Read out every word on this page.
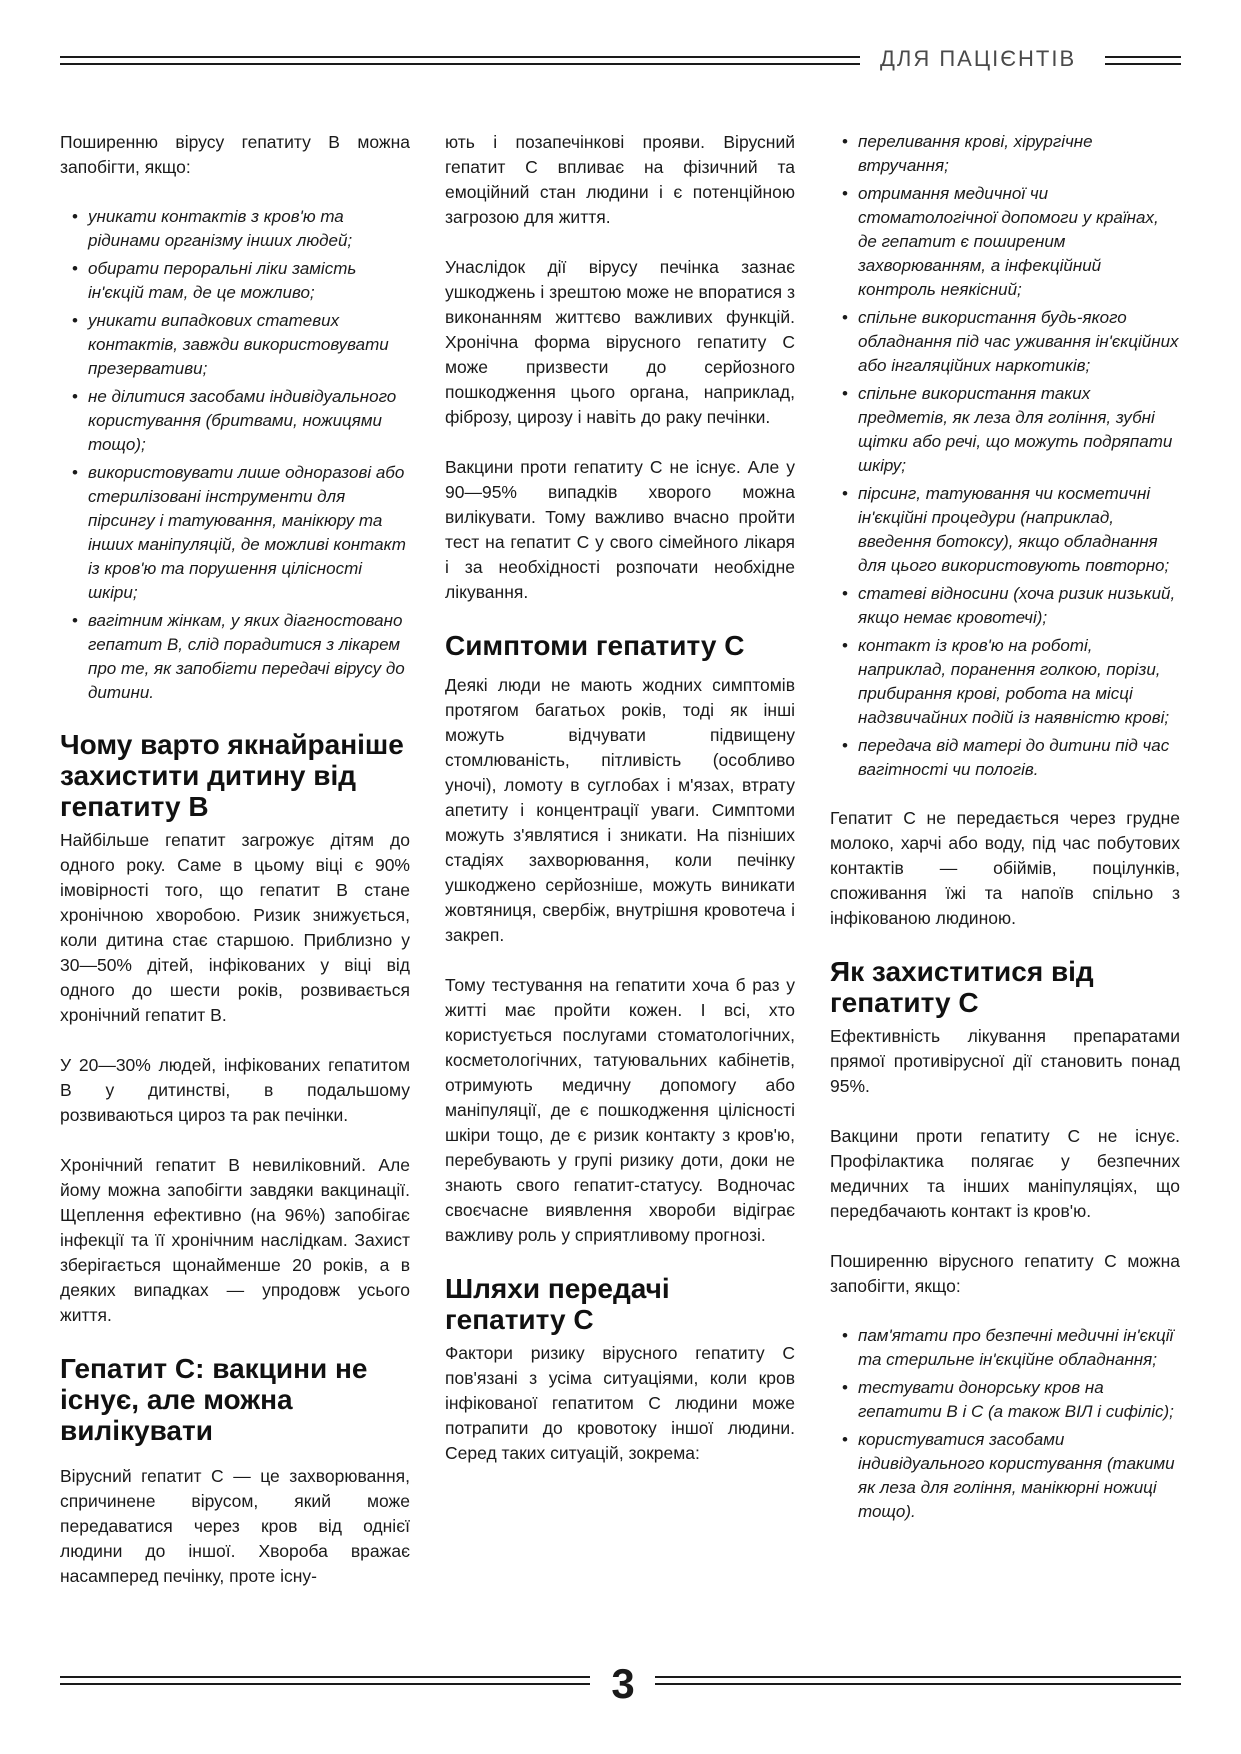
ДЛЯ ПАЦІЄНТІВ

Поширенню вірусу гепатиту В можна запобігти, якщо:

• уникати контактів з кров'ю та рідинами організму інших людей;
• обирати пероральні ліки замість ін'єкцій там, де це можливо;
• уникати випадкових статевих контактів, завжди використовувати презервативи;
• не ділитися засобами індивідуального користування (бритвами, ножицями тощо);
• використовувати лише одноразові або стерилізовані інструменти для пірсингу і татуювання, манікюру та інших маніпуляцій, де можливі контакт із кров'ю та порушення цілісності шкіри;
• вагітним жінкам, у яких діагностовано гепатит В, слід порадитися з лікарем про те, як запобігти передачі вірусу до дитини.
Чому варто якнайраніше захистити дитину від гепатиту В

Найбільше гепатит загрожує дітям до одного року. Саме в цьому віці є 90% імовірності того, що гепатит В стане хронічною хворобою. Ризик знижується, коли дитина стає старшою. Приблизно у 30—50% дітей, інфікованих у віці від одного до шести років, розвивається хронічний гепатит В.

У 20—30% людей, інфікованих гепатитом В у дитинстві, в подальшому розвиваються цироз та рак печінки.

Хронічний гепатит В невиліковний. Але йому можна запобігти завдяки вакцинації. Щеплення ефективно (на 96%) запобігає інфекції та її хронічним наслідкам. Захист зберігається щонайменше 20 років, а в деяких випадках — упродовж усього життя.

Гепатит С: вакцини не існує, але можна вилікувати

Вірусний гепатит С — це захворювання, спричинене вірусом, який може передаватися через кров від однієї людини до іншої. Хвороба вражає насамперед печінку, проте існу-

ють і позапечінкові прояви. Вірусний гепатит С впливає на фізичний та емоційний стан людини і є потенційною загрозою для життя.

Унаслідок дії вірусу печінка зазнає ушкоджень і зрештою може не впоратися з виконанням життєво важливих функцій. Хронічна форма вірусного гепатиту С може призвести до серйозного пошкодження цього органа, наприклад, фіброзу, цирозу і навіть до раку печінки.

Вакцини проти гепатиту С не існує. Але у 90—95% випадків хворого можна вилікувати. Тому важливо вчасно пройти тест на гепатит С у свого сімейного лікаря і за необхідності розпочати необхідне лікування.

Симптоми гепатиту С

Деякі люди не мають жодних симптомів протягом багатьох років, тоді як інші можуть відчувати підвищену стомлюваність, пітливість (особливо уночі), ломоту в суглобах і м'язах, втрату апетиту і концентрації уваги. Симптоми можуть з'являтися і зникати. На пізніших стадіях захворювання, коли печінку ушкоджено серйозніше, можуть виникати жовтяниця, свербіж, внутрішня кровотеча і закреп.

Тому тестування на гепатити хоча б раз у житті має пройти кожен. І всі, хто користується послугами стоматологічних, косметологічних, татуювальних кабінетів, отримують медичну допомогу або маніпуляції, де є пошкодження цілісності шкіри тощо, де є ризик контакту з кров'ю, перебувають у групі ризику доти, доки не знають свого гепатит-статусу. Водночас своєчасне виявлення хвороби відіграє важливу роль у сприятливому прогнозі.

Шляхи передачі гепатиту С

Фактори ризику вірусного гепатиту С пов'язані з усіма ситуаціями, коли кров інфікованої гепатитом С людини може потрапити до кровотоку іншої людини. Серед таких ситуацій, зокрема:

• переливання крові, хірургічне втручання;
• отримання медичної чи стоматологічної допомоги у країнах, де гепатит є поширеним захворюванням, а інфекційний контроль неякісний;
• спільне використання будь-якого обладнання під час уживання ін'єкційних або інгаляційних наркотиків;
• спільне використання таких предметів, як леза для гоління, зубні щітки або речі, що можуть подряпати шкіру;
• пірсинг, татуювання чи косметичні ін'єкційні процедури (наприклад, введення ботоксу), якщо обладнання для цього використовують повторно;
• статеві відносини (хоча ризик низький, якщо немає кровотечі);
• контакт із кров'ю на роботі, наприклад, поранення голкою, порізи, прибирання крові, робота на місці надзвичайних подій із наявністю крові;
• передача від матері до дитини під час вагітності чи пологів.

Гепатит С не передається через грудне молоко, харчі або воду, під час побутових контактів — обіймів, поцілунків, споживання їжі та напоїв спільно з інфікованою людиною.

Як захиститися від гепатиту С

Ефективність лікування препаратами прямої противірусної дії становить понад 95%.

Вакцини проти гепатиту С не існує. Профілактика полягає у безпечних медичних та інших маніпуляціях, що передбачають контакт із кров'ю.

Поширенню вірусного гепатиту С можна запобігти, якщо:

• пам'ятати про безпечні медичні ін'єкції та стерильне ін'єкційне обладнання;
• тестувати донорську кров на гепатити В і С (а також ВІЛ і сифіліс);
• користуватися засобами індивідуального користування (такими як леза для гоління, манікюрні ножиці тощо).
3
